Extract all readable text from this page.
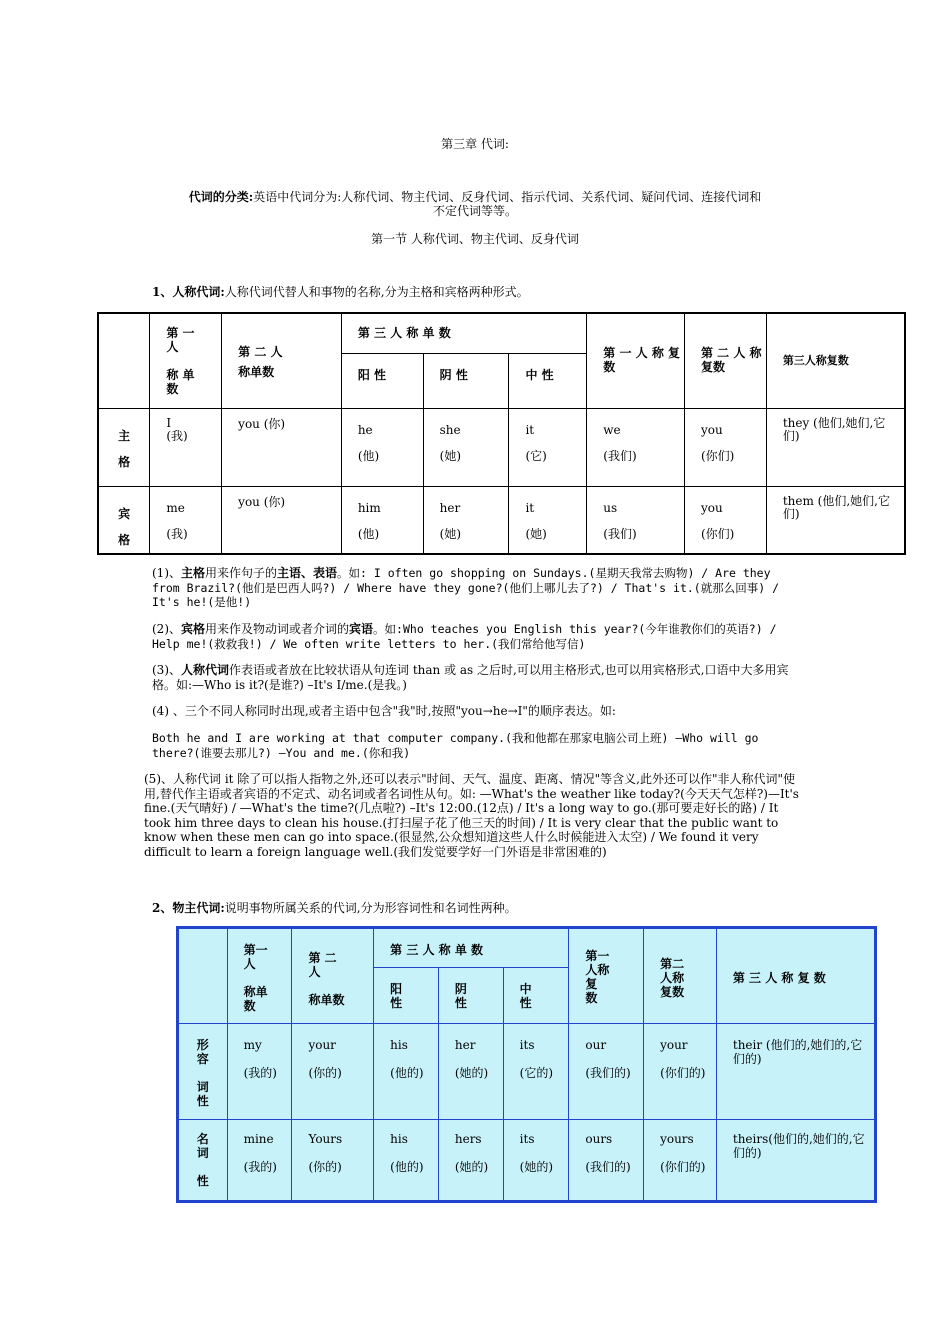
第三章 代词:
代词的分类:英语中代词分为:人称代词、物主代词、反身代词、指示代词、关系代词、疑问代词、连接代词和
不定代词等等。
第一节 人称代词、物主代词、反身代词
1、人称代词:人称代词代替人和事物的名称,分为主格和宾格两种形式。
	第 一
人

称 单
数	第 二 人
称单数	第 三 人 称 单 数			第 一 人 称 复数	第 二 人 称复数	第三人称复数
			阳 性	阴 性	中 性			
主
格	I
(我)	you (你)	he
(他)	she
(她)	it
(它)	we
(我们)	you
(你们)	they (他们,她们,它们)
宾
格	me
(我)	you (你)	him
(他)	her
(她)	it
(她)	us
(我们)	you
(你们)	them (他们,她们,它们)
(1)、主格用来作句子的主语、表语。如: I often go shopping on Sundays.(星期天我常去购物) / Are they from Brazil?(他们是巴西人吗?) / Where have they gone?(他们上哪儿去了?) / That's it.(就那么回事) / It's he!(是他!)
(2)、宾格用来作及物动词或者介词的宾语。如:Who teaches you English this year?(今年谁教你们的英语?) / Help me!(救救我!) / We often write letters to her.(我们常给他写信)
(3)、人称代词作表语或者放在比较状语从句连词 than 或 as 之后时,可以用主格形式,也可以用宾格形式,口语中大多用宾格。如:—Who is it?(是谁?) –It's I/me.(是我。)
(4) 、三个不同人称同时出现,或者主语中包含"我"时,按照"you→he→I"的顺序表达。如:
Both he and I are working at that computer company.(我和他都在那家电脑公司上班) –Who will go there?(谁要去那儿?) –You and me.(你和我)
(5)、人称代词 it 除了可以指人指物之外,还可以表示"时间、天气、温度、距离、情况"等含义,此外还可以作"非人称代词"使用,替代作主语或者宾语的不定式、动名词或者名词性从句。如: —What's the weather like today?(今天天气怎样?)—It's fine.(天气晴好) / —What's the time?(几点啦?) –It's 12:00.(12点) / It's a long way to go.(那可要走好长的路) / It took him three days to clean his house.(打扫屋子花了他三天的时间) / It is very clear that the public want to know when these men can go into space.(很显然,公众想知道这些人什么时候能进入太空) / We found it very difficult to learn a foreign language well.(我们发觉要学好一门外语是非常困难的)
2、物主代词:说明事物所属关系的代词,分为形容词性和名词性两种。
	第一
人

称单
数	第 二
人

称单数	第 三 人 称 单 数			第一
人称
复
数	第二
人称
复数	第 三 人 称 复 数
			阳
性	阴
性	中
性			
形
容

词
性	my

(我的)	your

(你的)	his

(他的)	her

(她的)	its

(它的)	our

(我们的)	your

(你们的)	their (他们的,她们的,它们的)
名
词

性	mine

(我的)	Yours

(你的)	his

(他的)	hers

(她的)	its

(她的)	ours

(我们的)	yours

(你们的)	theirs(他们的,她们的,它们的)
